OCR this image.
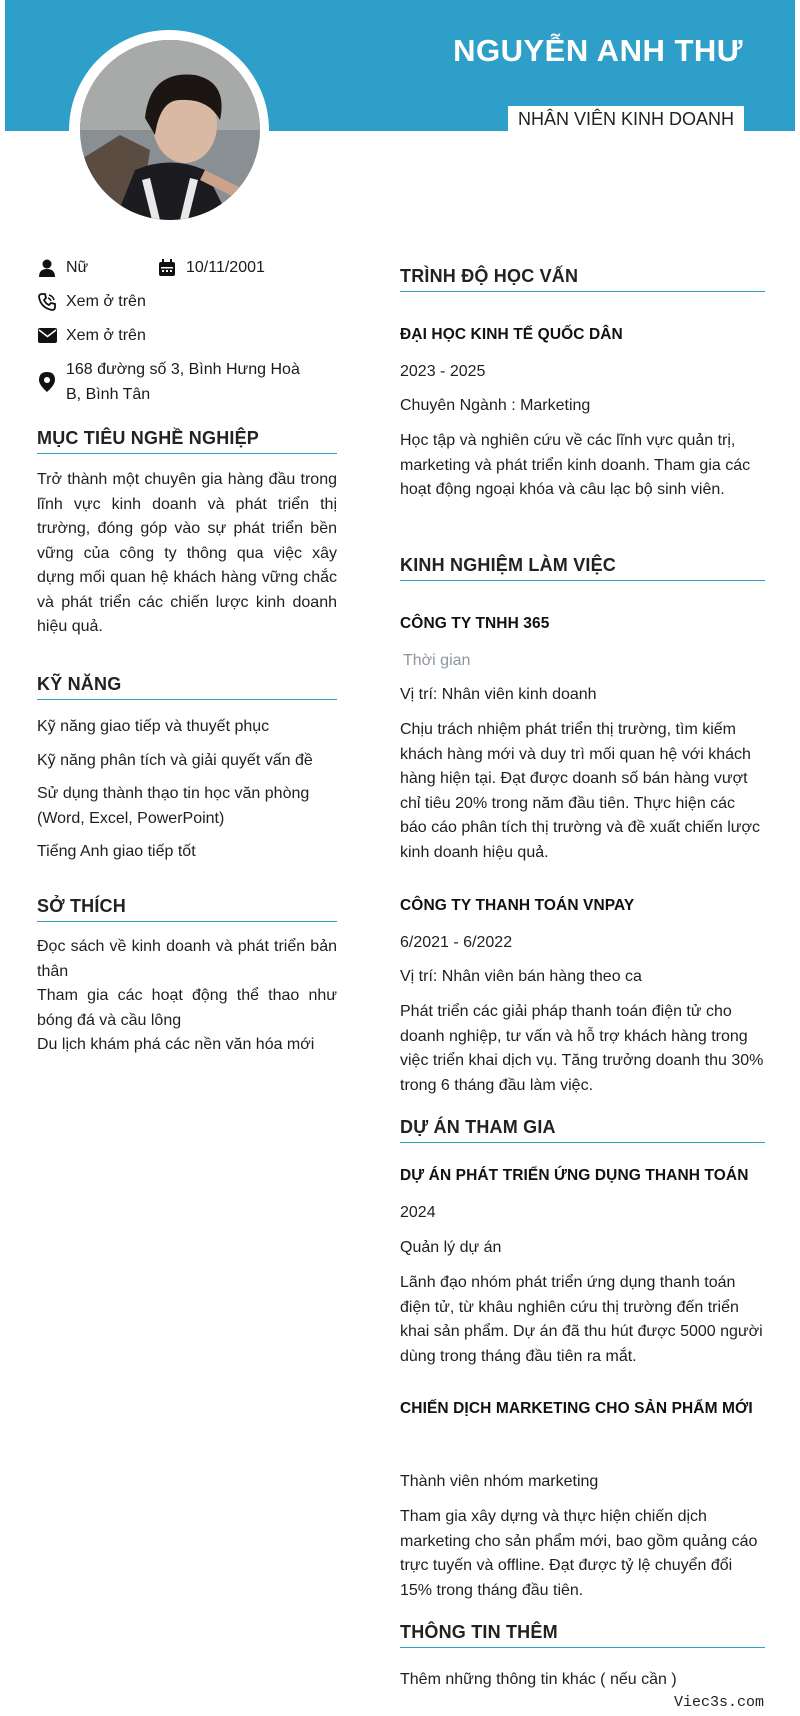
NGUYỄN ANH THƯ
NHÂN VIÊN KINH DOANH
Nữ	10/11/2001
Xem ở trên
Xem ở trên
168 đường số 3, Bình Hưng Hoà B, Bình Tân
MỤC TIÊU NGHỀ NGHIỆP
Trở thành một chuyên gia hàng đầu trong lĩnh vực kinh doanh và phát triển thị trường, đóng góp vào sự phát triển bền vững của công ty thông qua việc xây dựng mối quan hệ khách hàng vững chắc và phát triển các chiến lược kinh doanh hiệu quả.
KỸ NĂNG
Kỹ năng giao tiếp và thuyết phục
Kỹ năng phân tích và giải quyết vấn đề
Sử dụng thành thạo tin học văn phòng (Word, Excel, PowerPoint)
Tiếng Anh giao tiếp tốt
SỞ THÍCH
Đọc sách về kinh doanh và phát triển bản thân
Tham gia các hoạt động thể thao như bóng đá và cầu lông
Du lịch khám phá các nền văn hóa mới
TRÌNH ĐỘ HỌC VẤN
ĐẠI HỌC KINH TẾ QUỐC DÂN
2023 - 2025
Chuyên Ngành : Marketing
Học tập và nghiên cứu về các lĩnh vực quản trị, marketing và phát triển kinh doanh. Tham gia các hoạt động ngoại khóa và câu lạc bộ sinh viên.
KINH NGHIỆM LÀM VIỆC
CÔNG TY TNHH 365
Thời gian
Vị trí: Nhân viên kinh doanh
Chịu trách nhiệm phát triển thị trường, tìm kiếm khách hàng mới và duy trì mối quan hệ với khách hàng hiện tại. Đạt được doanh số bán hàng vượt chỉ tiêu 20% trong năm đầu tiên. Thực hiện các báo cáo phân tích thị trường và đề xuất chiến lược kinh doanh hiệu quả.
CÔNG TY THANH TOÁN VNPAY
6/2021 - 6/2022
Vị trí: Nhân viên bán hàng theo ca
Phát triển các giải pháp thanh toán điện tử cho doanh nghiệp, tư vấn và hỗ trợ khách hàng trong việc triển khai dịch vụ. Tăng trưởng doanh thu 30% trong 6 tháng đầu làm việc.
DỰ ÁN THAM GIA
DỰ ÁN PHÁT TRIỂN ỨNG DỤNG THANH TOÁN
2024
Quản lý dự án
Lãnh đạo nhóm phát triển ứng dụng thanh toán điện tử, từ khâu nghiên cứu thị trường đến triển khai sản phẩm. Dự án đã thu hút được 5000 người dùng trong tháng đầu tiên ra mắt.
CHIẾN DỊCH MARKETING CHO SẢN PHẨM MỚI
Thành viên nhóm marketing
Tham gia xây dựng và thực hiện chiến dịch marketing cho sản phẩm mới, bao gồm quảng cáo trực tuyến và offline. Đạt được tỷ lệ chuyển đổi 15% trong tháng đầu tiên.
THÔNG TIN THÊM
Thêm những thông tin khác ( nếu cần )
Viec3s.com
